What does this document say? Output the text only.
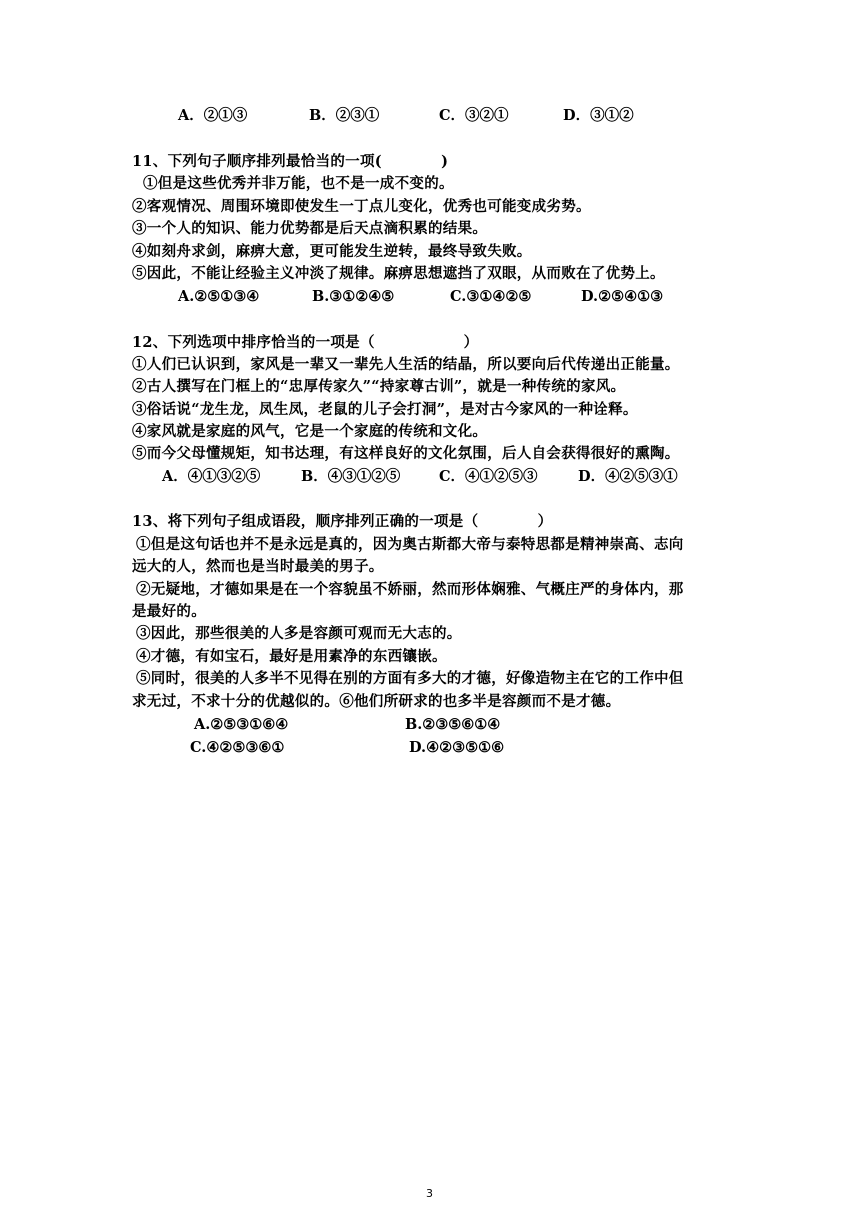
A．②①③	B．②③①	C．③②①	D．③①②
11、下列句子顺序排列最恰当的一项(　　　　)
①但是这些优秀并非万能，也不是一成不变的。
②客观情况、周围环境即使发生一丁点儿变化，优秀也可能变成劣势。
③一个人的知识、能力优势都是后天点滴积累的结果。
④如刻舟求剑，麻痹大意，更可能发生逆转，最终导致失败。
⑤因此，不能让经验主义冲淡了规律。麻痹思想遮挡了双眼，从而败在了优势上。
A.②⑤①③④	B.③①②④⑤	C.③①④②⑤	D.②⑤④①③
12、下列选项中排序恰当的一项是（　　　　　　）
①人们已认识到，家风是一辈又一辈先人生活的结晶，所以要向后代传递出正能量。
②古人撰写在门框上的“忠厚传家久”“持家尊古训”，就是一种传统的家风。
③俗话说“龙生龙，凤生凤，老鼠的儿子会打洞”，是对古今家风的一种诠释。
④家风就是家庭的风气，它是一个家庭的传统和文化。
⑤而今父母懂规矩，知书达理，有这样良好的文化氛围，后人自会获得很好的熏陶。
A．④①③②⑤	B．④③①②⑤	C．④①②⑤③	D．④②⑤③①
13、将下列句子组成语段，顺序排列正确的一项是（　　　　）
①但是这句话也并不是永远是真的，因为奥古斯都大帝与泰特思都是精神崇高、志向
远大的人，然而也是当时最美的男子。
②无疑地，才德如果是在一个容貌虽不娇丽，然而形体娴雅、气概庄严的身体内，那
是最好的。
③因此，那些很美的人多是容颜可观而无大志的。
④才德，有如宝石，最好是用素净的东西镶嵌。
⑤同时，很美的人多半不见得在别的方面有多大的才德，好像造物主在它的工作中但
求无过，不求十分的优越似的。⑥他们所研求的也多半是容颜而不是才德。
A.②⑤③①⑥④	B.②③⑤⑥①④
C.④②⑤③⑥①	D.④②③⑤①⑥
3
